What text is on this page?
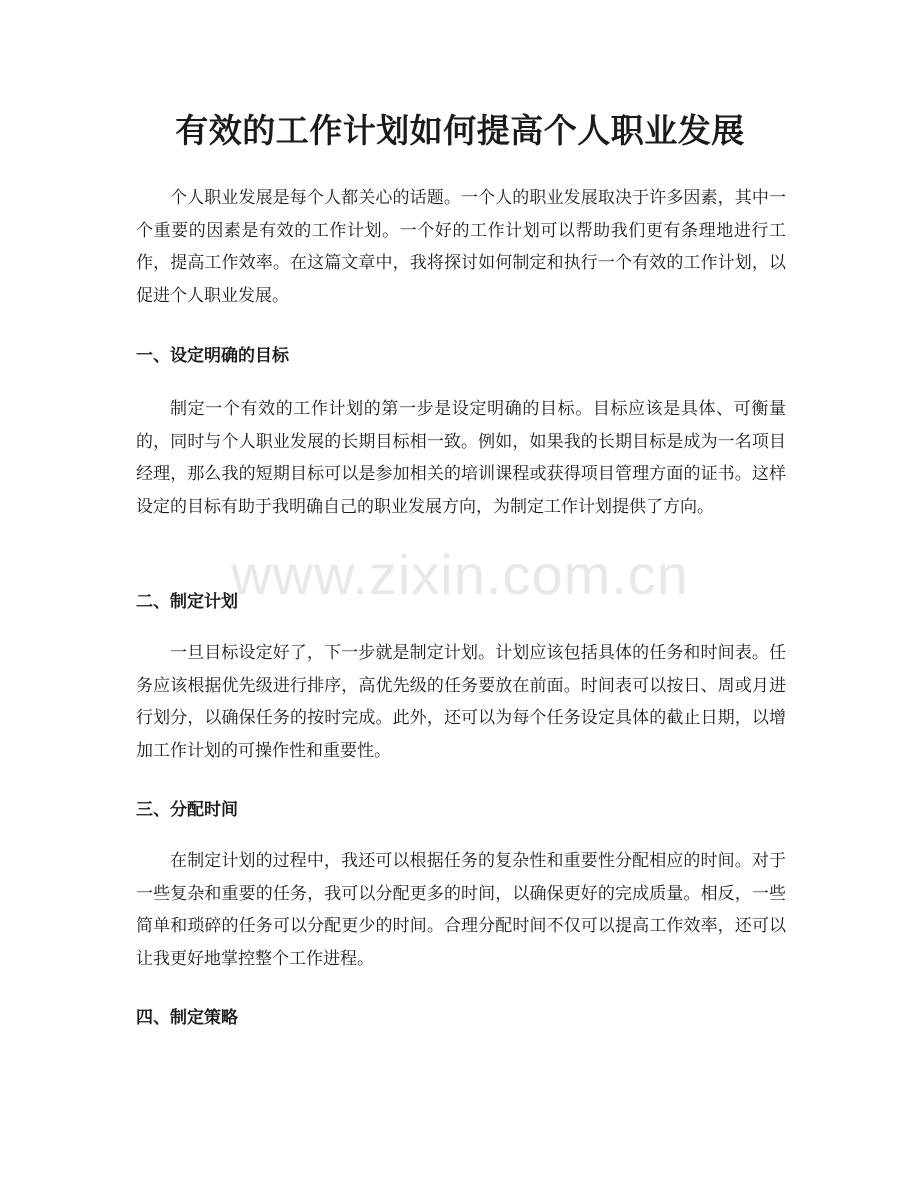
有效的工作计划如何提高个人职业发展

个人职业发展是每个人都关心的话题。一个人的职业发展取决于许多因素，其中一个重要的因素是有效的工作计划。一个好的工作计划可以帮助我们更有条理地进行工作，提高工作效率。在这篇文章中，我将探讨如何制定和执行一个有效的工作计划，以促进个人职业发展。

一、设定明确的目标

制定一个有效的工作计划的第一步是设定明确的目标。目标应该是具体、可衡量的，同时与个人职业发展的长期目标相一致。例如，如果我的长期目标是成为一名项目经理，那么我的短期目标可以是参加相关的培训课程或获得项目管理方面的证书。这样设定的目标有助于我明确自己的职业发展方向，为制定工作计划提供了方向。

二、制定计划

一旦目标设定好了，下一步就是制定计划。计划应该包括具体的任务和时间表。任务应该根据优先级进行排序，高优先级的任务要放在前面。时间表可以按日、周或月进行划分，以确保任务的按时完成。此外，还可以为每个任务设定具体的截止日期，以增加工作计划的可操作性和重要性。

三、分配时间

在制定计划的过程中，我还可以根据任务的复杂性和重要性分配相应的时间。对于一些复杂和重要的任务，我可以分配更多的时间，以确保更好的完成质量。相反，一些简单和琐碎的任务可以分配更少的时间。合理分配时间不仅可以提高工作效率，还可以让我更好地掌控整个工作进程。

四、制定策略
www.zixin.com.cn
